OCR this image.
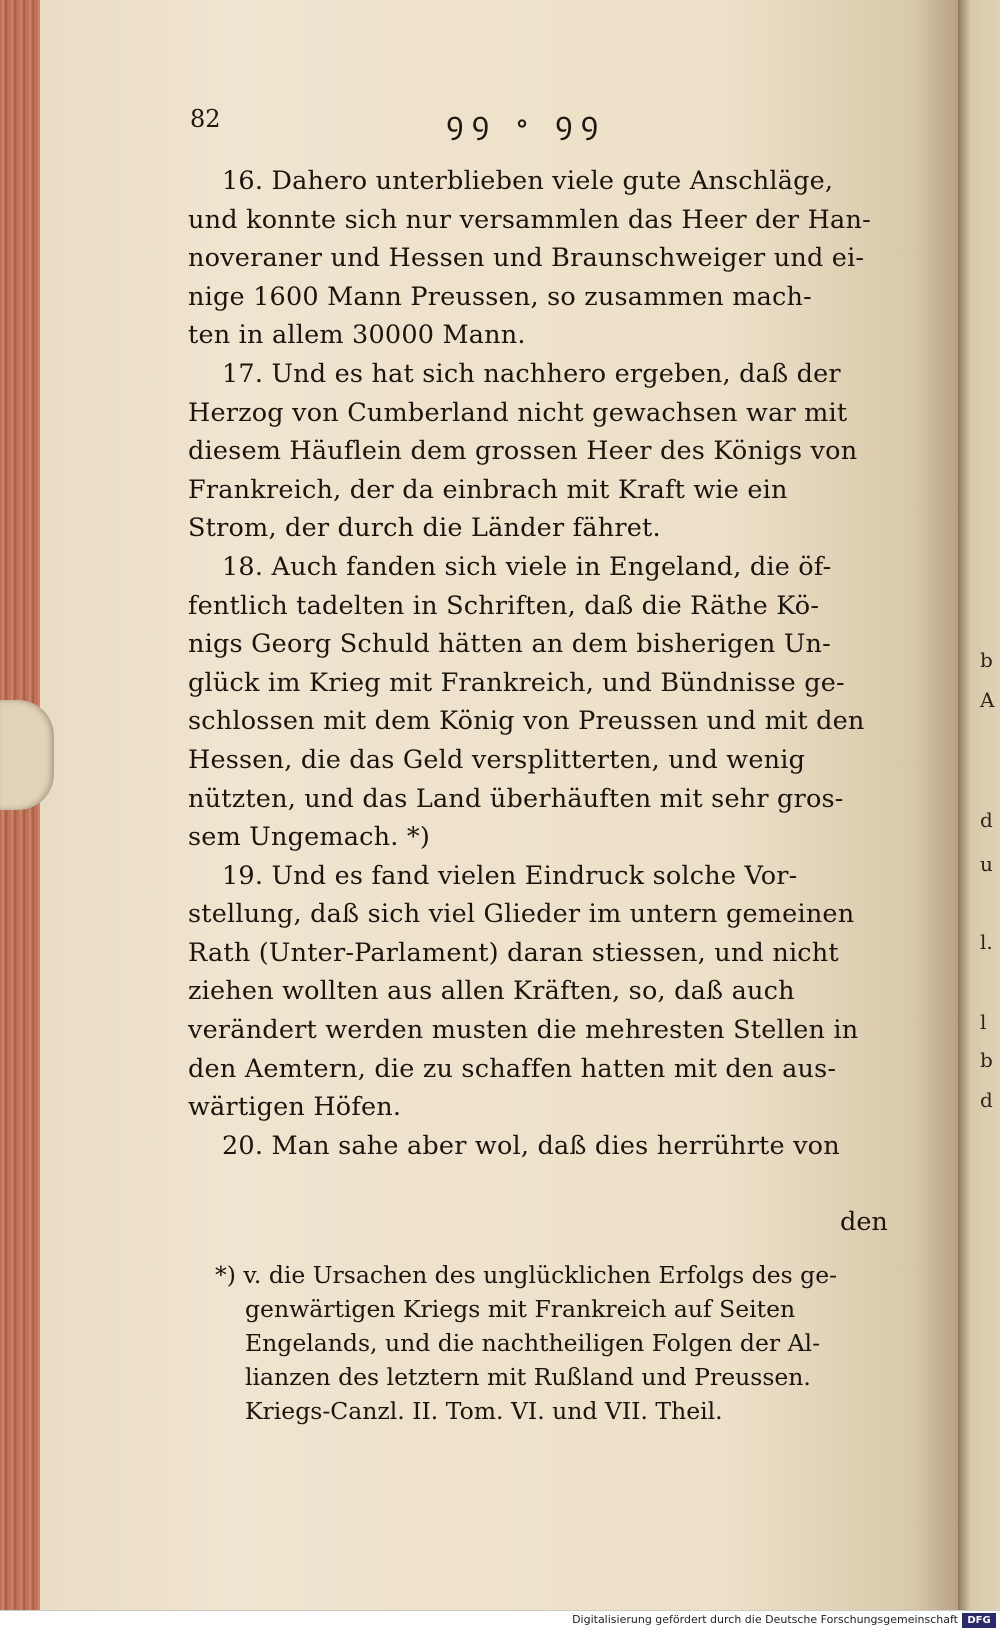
b
A
d
u
l.
l
b
d
82	ꝯꝯ ∘ ꝯꝯ
16. Dahero unterblieben viele gute Anschläge,
und konnte sich nur versammlen das Heer der Han-
noveraner und Hessen und Braunschweiger und ei-
nige 1600 Mann Preussen, so zusammen mach-
ten in allem 30000 Mann.
17. Und es hat sich nachhero ergeben, daß der
Herzog von Cumberland nicht gewachsen war mit
diesem Häuflein dem grossen Heer des Königs von
Frankreich, der da einbrach mit Kraft wie ein
Strom, der durch die Länder fähret.
18. Auch fanden sich viele in Engeland, die öf-
fentlich tadelten in Schriften, daß die Räthe Kö-
nigs Georg Schuld hätten an dem bisherigen Un-
glück im Krieg mit Frankreich, und Bündnisse ge-
schlossen mit dem König von Preussen und mit den
Hessen, die das Geld versplitterten, und wenig
nützten, und das Land überhäuften mit sehr gros-
sem Ungemach. *)
19. Und es fand vielen Eindruck solche Vor-
stellung, daß sich viel Glieder im untern gemeinen
Rath (Unter-Parlament) daran stiessen, und nicht
ziehen wollten aus allen Kräften, so, daß auch
verändert werden musten die mehresten Stellen in
den Aemtern, die zu schaffen hatten mit den aus-
wärtigen Höfen.
20. Man sahe aber wol, daß dies herrührte von
den
*) v. die Ursachen des unglücklichen Erfolgs des ge-
genwärtigen Kriegs mit Frankreich auf Seiten
Engelands, und die nachtheiligen Folgen der Al-
lianzen des letztern mit Rußland und Preussen.
Kriegs-Canzl. II. Tom. VI. und VII. Theil.
Digitalisierung gefördert durch die Deutsche Forschungsgemeinschaft DFG
